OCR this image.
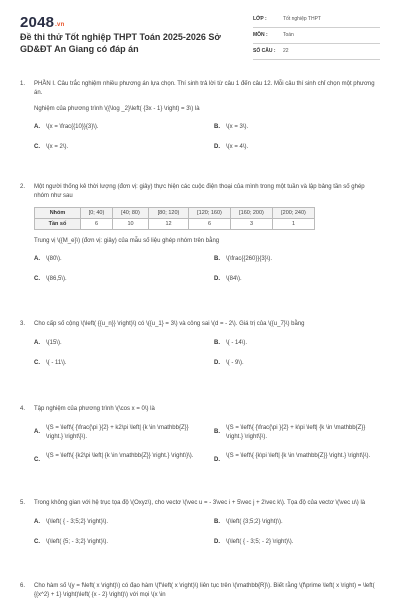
2048.vn
Đề thi thử Tốt nghiệp THPT Toán 2025-2026 Sở GD&ĐT An Giang có đáp án
LỚP :	Tốt nghiệp THPT
MÔN :	Toán
SỐ CÂU : 22
1. PHẦN I. Câu trắc nghiệm nhiều phương án lựa chọn. Thí sinh trả lời từ câu 1 đến câu 12. Mỗi câu thí sinh chỉ chọn một phương án.
Nghiệm của phương trình \({\log _2}\left( {3x - 1} \right) = 3\) là
A. \(x = \frac{{10}}{3}\).	B. \(x = 3\).
C. \(x = 2\).	D. \(x = 4\).
2. Một người thống kê thời lượng (đơn vị: giây) thực hiện các cuộc điện thoại của mình trong một tuần và lập bảng tần số ghép nhóm như sau
Nhóm	[0; 40)	[40; 80)	[80; 120)	[120; 160)	[160; 200)	[200; 240)
Tần số	6	10	12	6	3	1
Trung vị \({M_e}\) (đơn vị: giây) của mẫu số liệu ghép nhóm trên bằng
A. \(80\).	B. \(\frac{{260}}{3}\).
C. \(86,5\).	D. \(84\).
3. Cho cấp số cộng \(\left( {{u_n}} \right)\) có \({u_1} = 3\) và công sai \(d = - 2\). Giá trị của \({u_7}\) bằng
A. \(15\).	B. \( - 14\).
C. \( - 11\).	D. \( - 9\).
4. Tập nghiệm của phương trình \(\cos x = 0\) là
A.
\(S = \left\{ {\frac{\pi }{2} + k2\pi \left| {k \in \mathbb{Z}} \right.} \right\}\).
B.
\(S = \left\{ {\frac{\pi }{2} + k\pi \left| {k \in \mathbb{Z}} \right.} \right\}\).
C.
\(S = \left\{ {k2\pi \left| {k \in \mathbb{Z}} \right.} \right\}\).
D.
\(S = \left\{ {k\pi \left| {k \in \mathbb{Z}} \right.} \right\}\).
5. Trong không gian với hệ trục tọa độ \(Oxyz\), cho vectơ \(\vec u = - 3\vec i + 5\vec j + 2\vec k\). Tọa độ của vectơ \(\vec u\) là
A. \(\left( { - 3;5;2} \right)\).	B. \(\left( {3;5;2} \right)\).
C. \(\left( {5; - 3;2} \right)\).	D. \(\left( { - 3;5; - 2} \right)\).
6. Cho hàm số \(y = f\left( x \right)\) có đạo hàm \(f'\left( x \right)\) liên tục trên \(\mathbb{R}\). Biết rằng \(f\prime \left( x \right) = \left( {{x^2} + 1} \right)\left( {x - 2} \right)\) với mọi \(x \in
